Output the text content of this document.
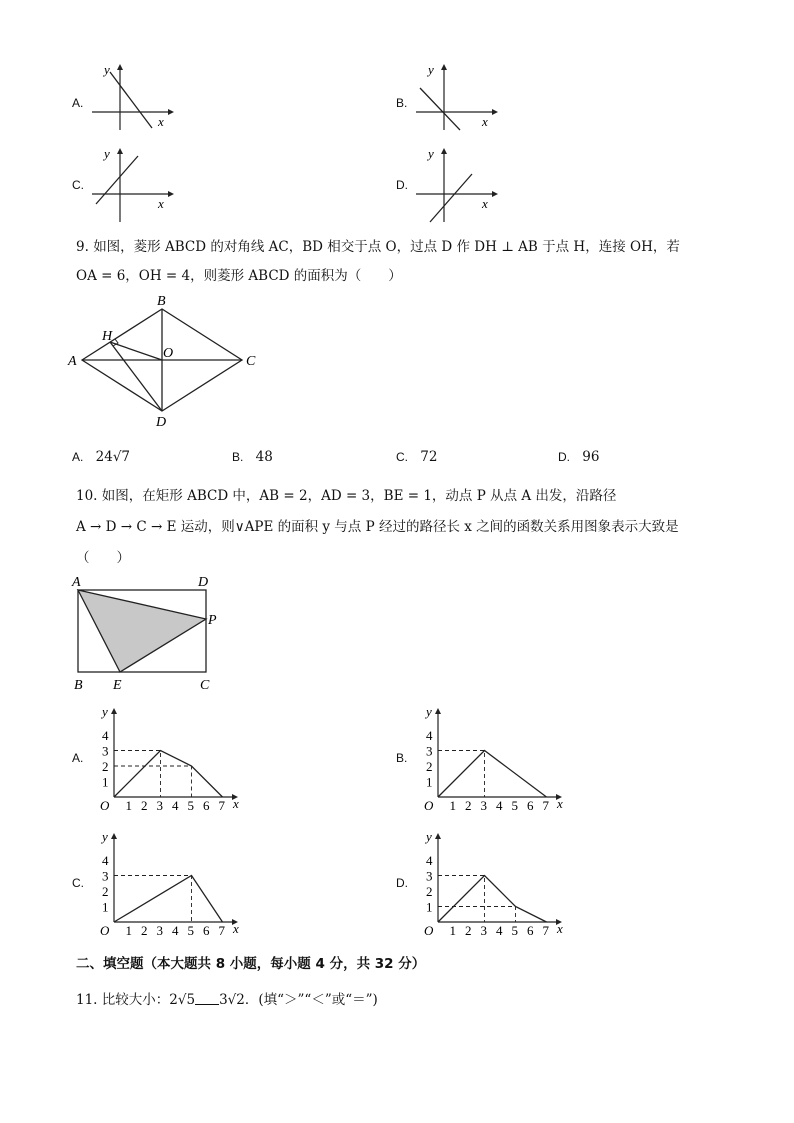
A.
y
x
B.
y
x
C.
y
x
D.
y
x
9. 如图，菱形 ABCD 的对角线 AC，BD 相交于点 O，过点 D 作 DH ⊥ AB 于点 H，连接 OH，若
OA = 6，OH = 4，则菱形 ABCD 的面积为（　　）
A
B
C
D
H
O
A. 24√7	B. 48	C. 72	D. 96
10. 如图，在矩形 ABCD 中，AB = 2，AD = 3，BE = 1，动点 P 从点 A 出发，沿路径
A → D → C → E 运动，则∨APE 的面积 y 与点 P 经过的路径长 x 之间的函数关系用图象表示大致是
（　　）
A	D
P
B E	C
A.
1 2 3 4 5 6 7
1
2
3
4
O	x
y
B.
1 2 3 4 5 6 7
1
2
3
4
O	x
y
C.
1 2 3 4 5 6 7
1
2
3
4
O	x
y
D.
1 2 3 4 5 6 7
1
2
3
4
O	x
y
二、填空题（本大题共 8 小题，每小题 4 分，共 32 分）
11. 比较大小：2√5 3√2．(填“＞”“＜”或“＝”)
